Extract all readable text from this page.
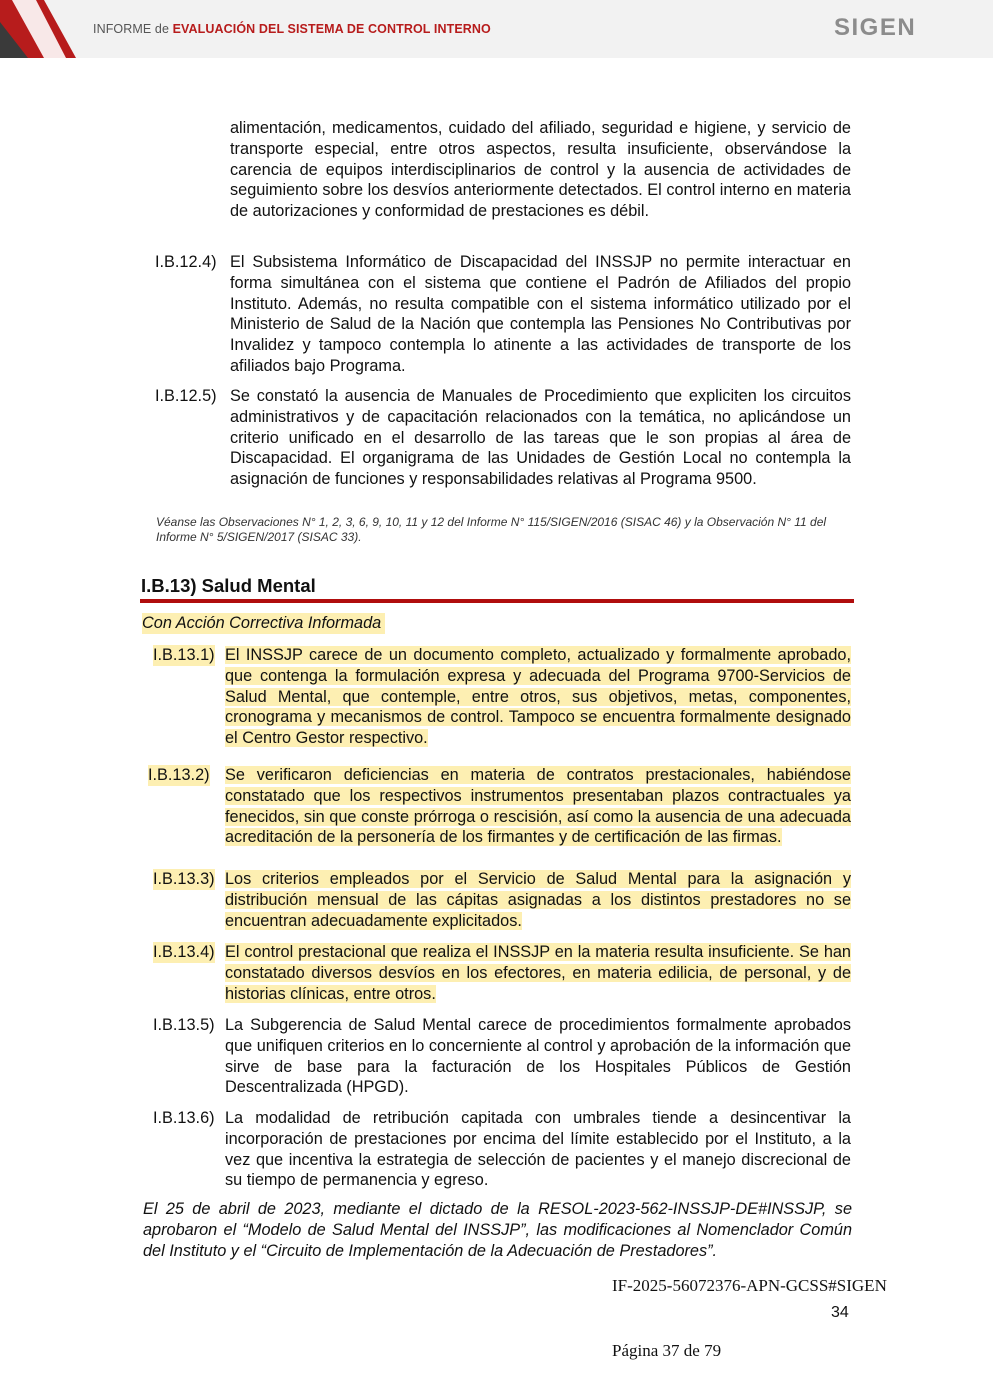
INFORME de EVALUACIÓN DEL SISTEMA DE CONTROL INTERNO	SIGEN
alimentación, medicamentos, cuidado del afiliado, seguridad e higiene, y servicio de transporte especial, entre otros aspectos, resulta insuficiente, observándose la carencia de equipos interdisciplinarios de control y la ausencia de actividades de seguimiento sobre los desvíos anteriormente detectados. El control interno en materia de autorizaciones y conformidad de prestaciones es débil.
I.B.12.4) El Subsistema Informático de Discapacidad del INSSJP no permite interactuar en forma simultánea con el sistema que contiene el Padrón de Afiliados del propio Instituto. Además, no resulta compatible con el sistema informático utilizado por el Ministerio de Salud de la Nación que contempla las Pensiones No Contributivas por Invalidez y tampoco contempla lo atinente a las actividades de transporte de los afiliados bajo Programa.
I.B.12.5) Se constató la ausencia de Manuales de Procedimiento que expliciten los circuitos administrativos y de capacitación relacionados con la temática, no aplicándose un criterio unificado en el desarrollo de las tareas que le son propias al área de Discapacidad. El organigrama de las Unidades de Gestión Local no contempla la asignación de funciones y responsabilidades relativas al Programa 9500.
Véanse las Observaciones N° 1, 2, 3, 6, 9, 10, 11 y 12 del Informe N° 115/SIGEN/2016 (SISAC 46) y la Observación N° 11 del Informe N° 5/SIGEN/2017 (SISAC 33).
I.B.13) Salud Mental
Con Acción Correctiva Informada
I.B.13.1) El INSSJP carece de un documento completo, actualizado y formalmente aprobado, que contenga la formulación expresa y adecuada del Programa 9700-Servicios de Salud Mental, que contemple, entre otros, sus objetivos, metas, componentes, cronograma y mecanismos de control. Tampoco se encuentra formalmente designado el Centro Gestor respectivo.
I.B.13.2) Se verificaron deficiencias en materia de contratos prestacionales, habiéndose constatado que los respectivos instrumentos presentaban plazos contractuales ya fenecidos, sin que conste prórroga o rescisión, así como la ausencia de una adecuada acreditación de la personería de los firmantes y de certificación de las firmas.
I.B.13.3) Los criterios empleados por el Servicio de Salud Mental para la asignación y distribución mensual de las cápitas asignadas a los distintos prestadores no se encuentran adecuadamente explicitados.
I.B.13.4) El control prestacional que realiza el INSSJP en la materia resulta insuficiente. Se han constatado diversos desvíos en los efectores, en materia edilicia, de personal, y de historias clínicas, entre otros.
I.B.13.5) La Subgerencia de Salud Mental carece de procedimientos formalmente aprobados que unifiquen criterios en lo concerniente al control y aprobación de la información que sirve de base para la facturación de los Hospitales Públicos de Gestión Descentralizada (HPGD).
I.B.13.6) La modalidad de retribución capitada con umbrales tiende a desincentivar la incorporación de prestaciones por encima del límite establecido por el Instituto, a la vez que incentiva la estrategia de selección de pacientes y el manejo discrecional de su tiempo de permanencia y egreso.
El 25 de abril de 2023, mediante el dictado de la RESOL-2023-562-INSSJP-DE#INSSJP, se aprobaron el “Modelo de Salud Mental del INSSJP”, las modificaciones al Nomenclador Común del Instituto y el “Circuito de Implementación de la Adecuación de Prestadores”.
IF-2025-56072376-APN-GCSS#SIGEN
34
Página 37 de 79
